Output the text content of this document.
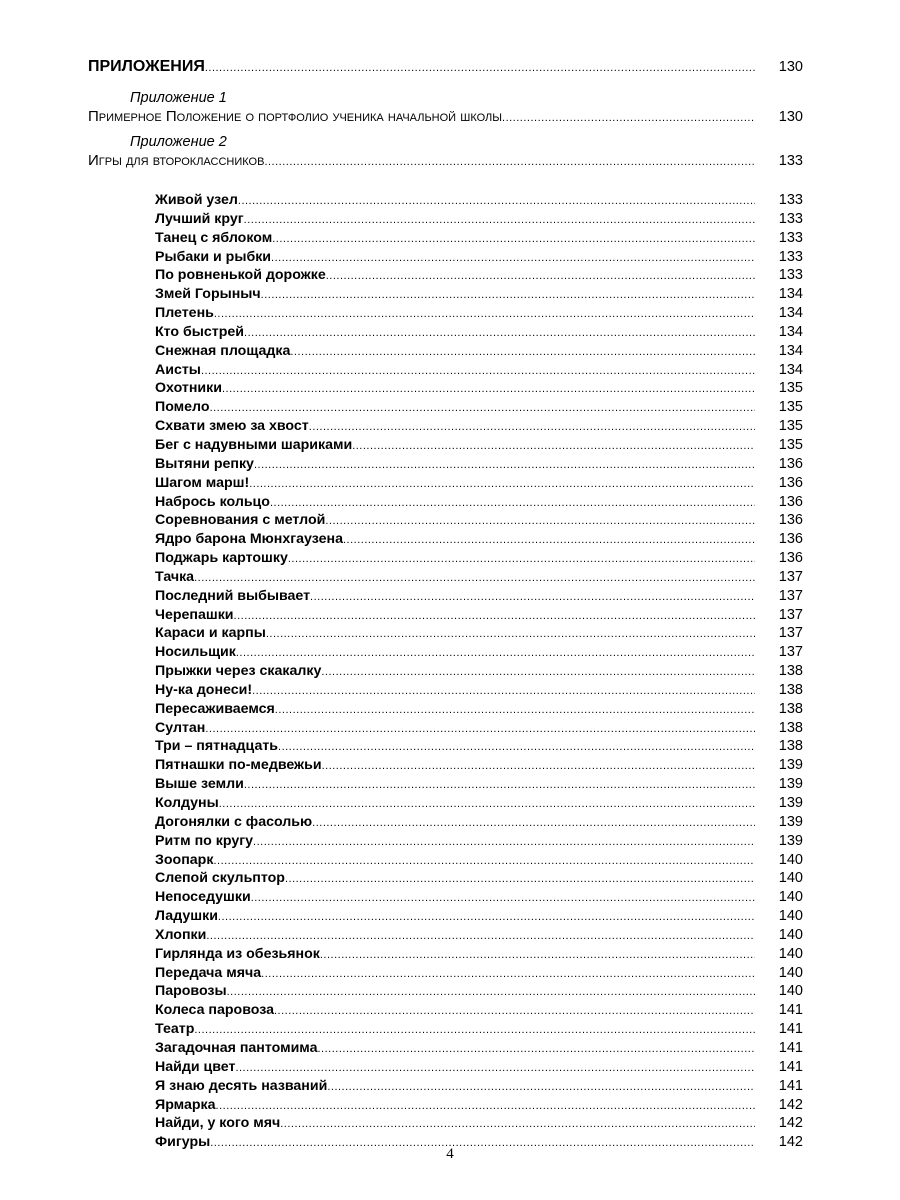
ПРИЛОЖЕНИЯ .....	130
Приложение 1
Примерное Положение о портфолио ученика начальной школы .....	130
Приложение 2
Игры для второклассников .....	133
Живой узел .....	133
Лучший круг .....	133
Танец с яблоком .....	133
Рыбаки и рыбки .....	133
По ровненькой дорожке .....	133
Змей Горыныч .....	134
Плетень .....	134
Кто быстрей .....	134
Снежная площадка .....	134
Аисты .....	134
Охотники .....	135
Помело .....	135
Схвати змею за хвост .....	135
Бег с надувными шариками .....	135
Вытяни репку .....	136
Шагом марш! .....	136
Набрось кольцо .....	136
Соревнования с метлой .....	136
Ядро барона Мюнхгаузена .....	136
Поджарь картошку .....	136
Тачка .....	137
Последний выбывает .....	137
Черепашки .....	137
Караси и карпы .....	137
Носильщик .....	137
Прыжки через скакалку .....	138
Ну-ка донеси! .....	138
Пересаживаемся .....	138
Султан .....	138
Три – пятнадцать .....	138
Пятнашки по-медвежьи .....	139
Выше земли .....	139
Колдуны .....	139
Догонялки с фасолью .....	139
Ритм по кругу .....	139
Зоопарк .....	140
Слепой скульптор .....	140
Непоседушки .....	140
Ладушки .....	140
Хлопки .....	140
Гирлянда из обезьянок .....	140
Передача мяча .....	140
Паровозы .....	140
Колеса паровоза .....	141
Театр .....	141
Загадочная пантомима .....	141
Найди цвет .....	141
Я знаю десять названий .....	141
Ярмарка .....	142
Найди, у кого мяч .....	142
Фигуры .....	142
4
